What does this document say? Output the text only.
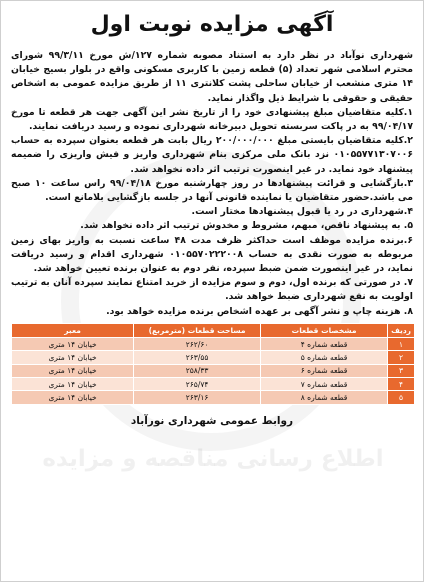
اطلاع رسانی مناقصه و مزایده
آگهی مزایده نوبت اول

شهرداری نوآباد در نظر دارد به استناد مصوبه شماره ۱۲۷/ش مورخ ۹۹/۳/۱۱ شورای محترم اسلامی شهر تعداد (۵) قطعه زمین با کاربری مسکونی واقع در بلوار بسیج خیابان ۱۴ متری منشعب از خیابان ساحلی پشت کلانتری ۱۱ از طریق مزایده عمومی به اشخاص حقیقی و حقوقی با شرایط ذیل واگذار نماید.

۱.کلیه متقاضیان مبلغ پیشنهادی خود را از تاریخ نشر این آگهی جهت هر قطعه تا مورخ ۹۹/۰۴/۱۷ به در پاکت سربسته تحویل دبیرخانه شهرداری نموده و رسید دریافت نمایند.

۲.کلیه متقاضیان بایستی مبلغ ۲۰۰/۰۰۰/۰۰۰ ریال بابت هر قطعه بعنوان سپرده به حساب ۰۱۰۵۵۷۷۱۳۰۷۰۰۶ نزد بانک ملی مرکزی بنام شهرداری واریز و فیش واریزی را ضمیمه پیشنهاد خود نماید. در غیر اینصورت ترتیب اثر داده نخواهد شد.

۳.بازگشایی و قرائت پیشنهادها در روز چهارشنبه مورخ ۹۹/۰۴/۱۸ راس ساعت ۱۰ صبح می باشد.حضور متقاضیان یا نماینده قانونی آنها در جلسه بازگشایی بلامانع است.

۴.شهرداری در رد یا قبول پیشنهادها مختار است.

۵. به پیشنهاد ناقص، مبهم، مشروط و مخدوش ترتیب اثر داده نخواهد شد.

۶.برنده مزایده موظف است حداکثر ظرف مدت ۴۸ ساعت نسبت به واریز بهای زمین مربوطه به صورت نقدی به حساب ۰۱۰۵۵۷۰۲۲۲۰۰۸ شهرداری اقدام و رسید دریافت نماید، در غیر اینصورت ضمن ضبط سپرده، نفر دوم به عنوان برنده تعیین خواهد شد.

۷. در صورتی که برنده اول، دوم و سوم مزایده از خرید امتناع نمایند سپرده آنان به ترتیب اولویت به نفع شهرداری ضبط خواهد شد.

۸. هزینه چاپ و نشر آگهی بر عهده اشخاص برنده مزایده خواهد بود.

ردیف	مشخصات قطعات	مساحت قطعات (مترمربع)	معبر
۱	قطعه شماره ۴	۲۶۲/۶۰	خیابان ۱۴ متری
۲	قطعه شماره ۵	۲۶۳/۵۵	خیابان ۱۴ متری
۳	قطعه شماره ۶	۲۵۸/۳۳	خیابان ۱۴ متری
۴	قطعه شماره ۷	۲۶۵/۷۴	خیابان ۱۴ متری
۵	قطعه شماره ۸	۲۶۳/۱۶	خیابان ۱۴ متری
روابط عمومی شهرداری نورآباد
